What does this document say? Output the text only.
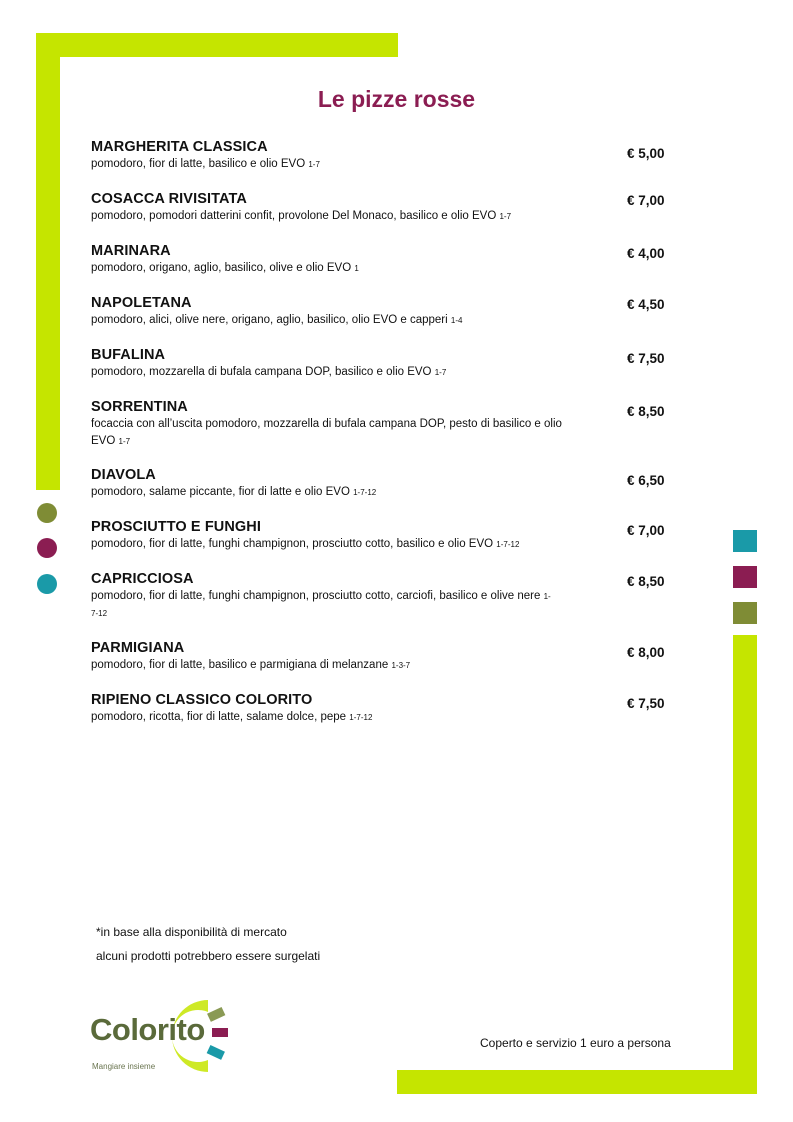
Le pizze rosse
MARGHERITA CLASSICA
pomodoro, fior di latte, basilico e olio EVO 1-7
€ 5,00
COSACCA RIVISITATA
pomodoro, pomodori datterini confit, provolone Del Monaco, basilico e olio EVO 1-7
€ 7,00
MARINARA
pomodoro, origano, aglio, basilico, olive e olio EVO 1
€ 4,00
NAPOLETANA
pomodoro, alici, olive nere, origano, aglio, basilico, olio EVO e capperi 1-4
€ 4,50
BUFALINA
pomodoro, mozzarella di bufala campana DOP, basilico e olio EVO 1-7
€ 7,50
SORRENTINA
focaccia con all’uscita pomodoro, mozzarella di bufala campana DOP, pesto di basilico e olio EVO 1-7
€ 8,50
DIAVOLA
pomodoro, salame piccante, fior di latte e olio EVO 1-7-12
€ 6,50
PROSCIUTTO E FUNGHI
pomodoro, fior di latte, funghi champignon, prosciutto cotto, basilico e olio EVO 1-7-12
€ 7,00
CAPRICCIOSA
pomodoro, fior di latte, funghi champignon, prosciutto cotto, carciofi, basilico e olive nere 1-7-12
€ 8,50
PARMIGIANA
pomodoro, fior di latte, basilico e parmigiana di melanzane 1-3-7
€ 8,00
RIPIENO CLASSICO COLORITO
pomodoro, ricotta, fior di latte, salame dolce, pepe 1-7-12
€ 7,50
*in base alla disponibilità di mercato
alcuni prodotti potrebbero essere surgelati
Colorito
Mangiare insieme
Coperto e servizio 1 euro a persona
